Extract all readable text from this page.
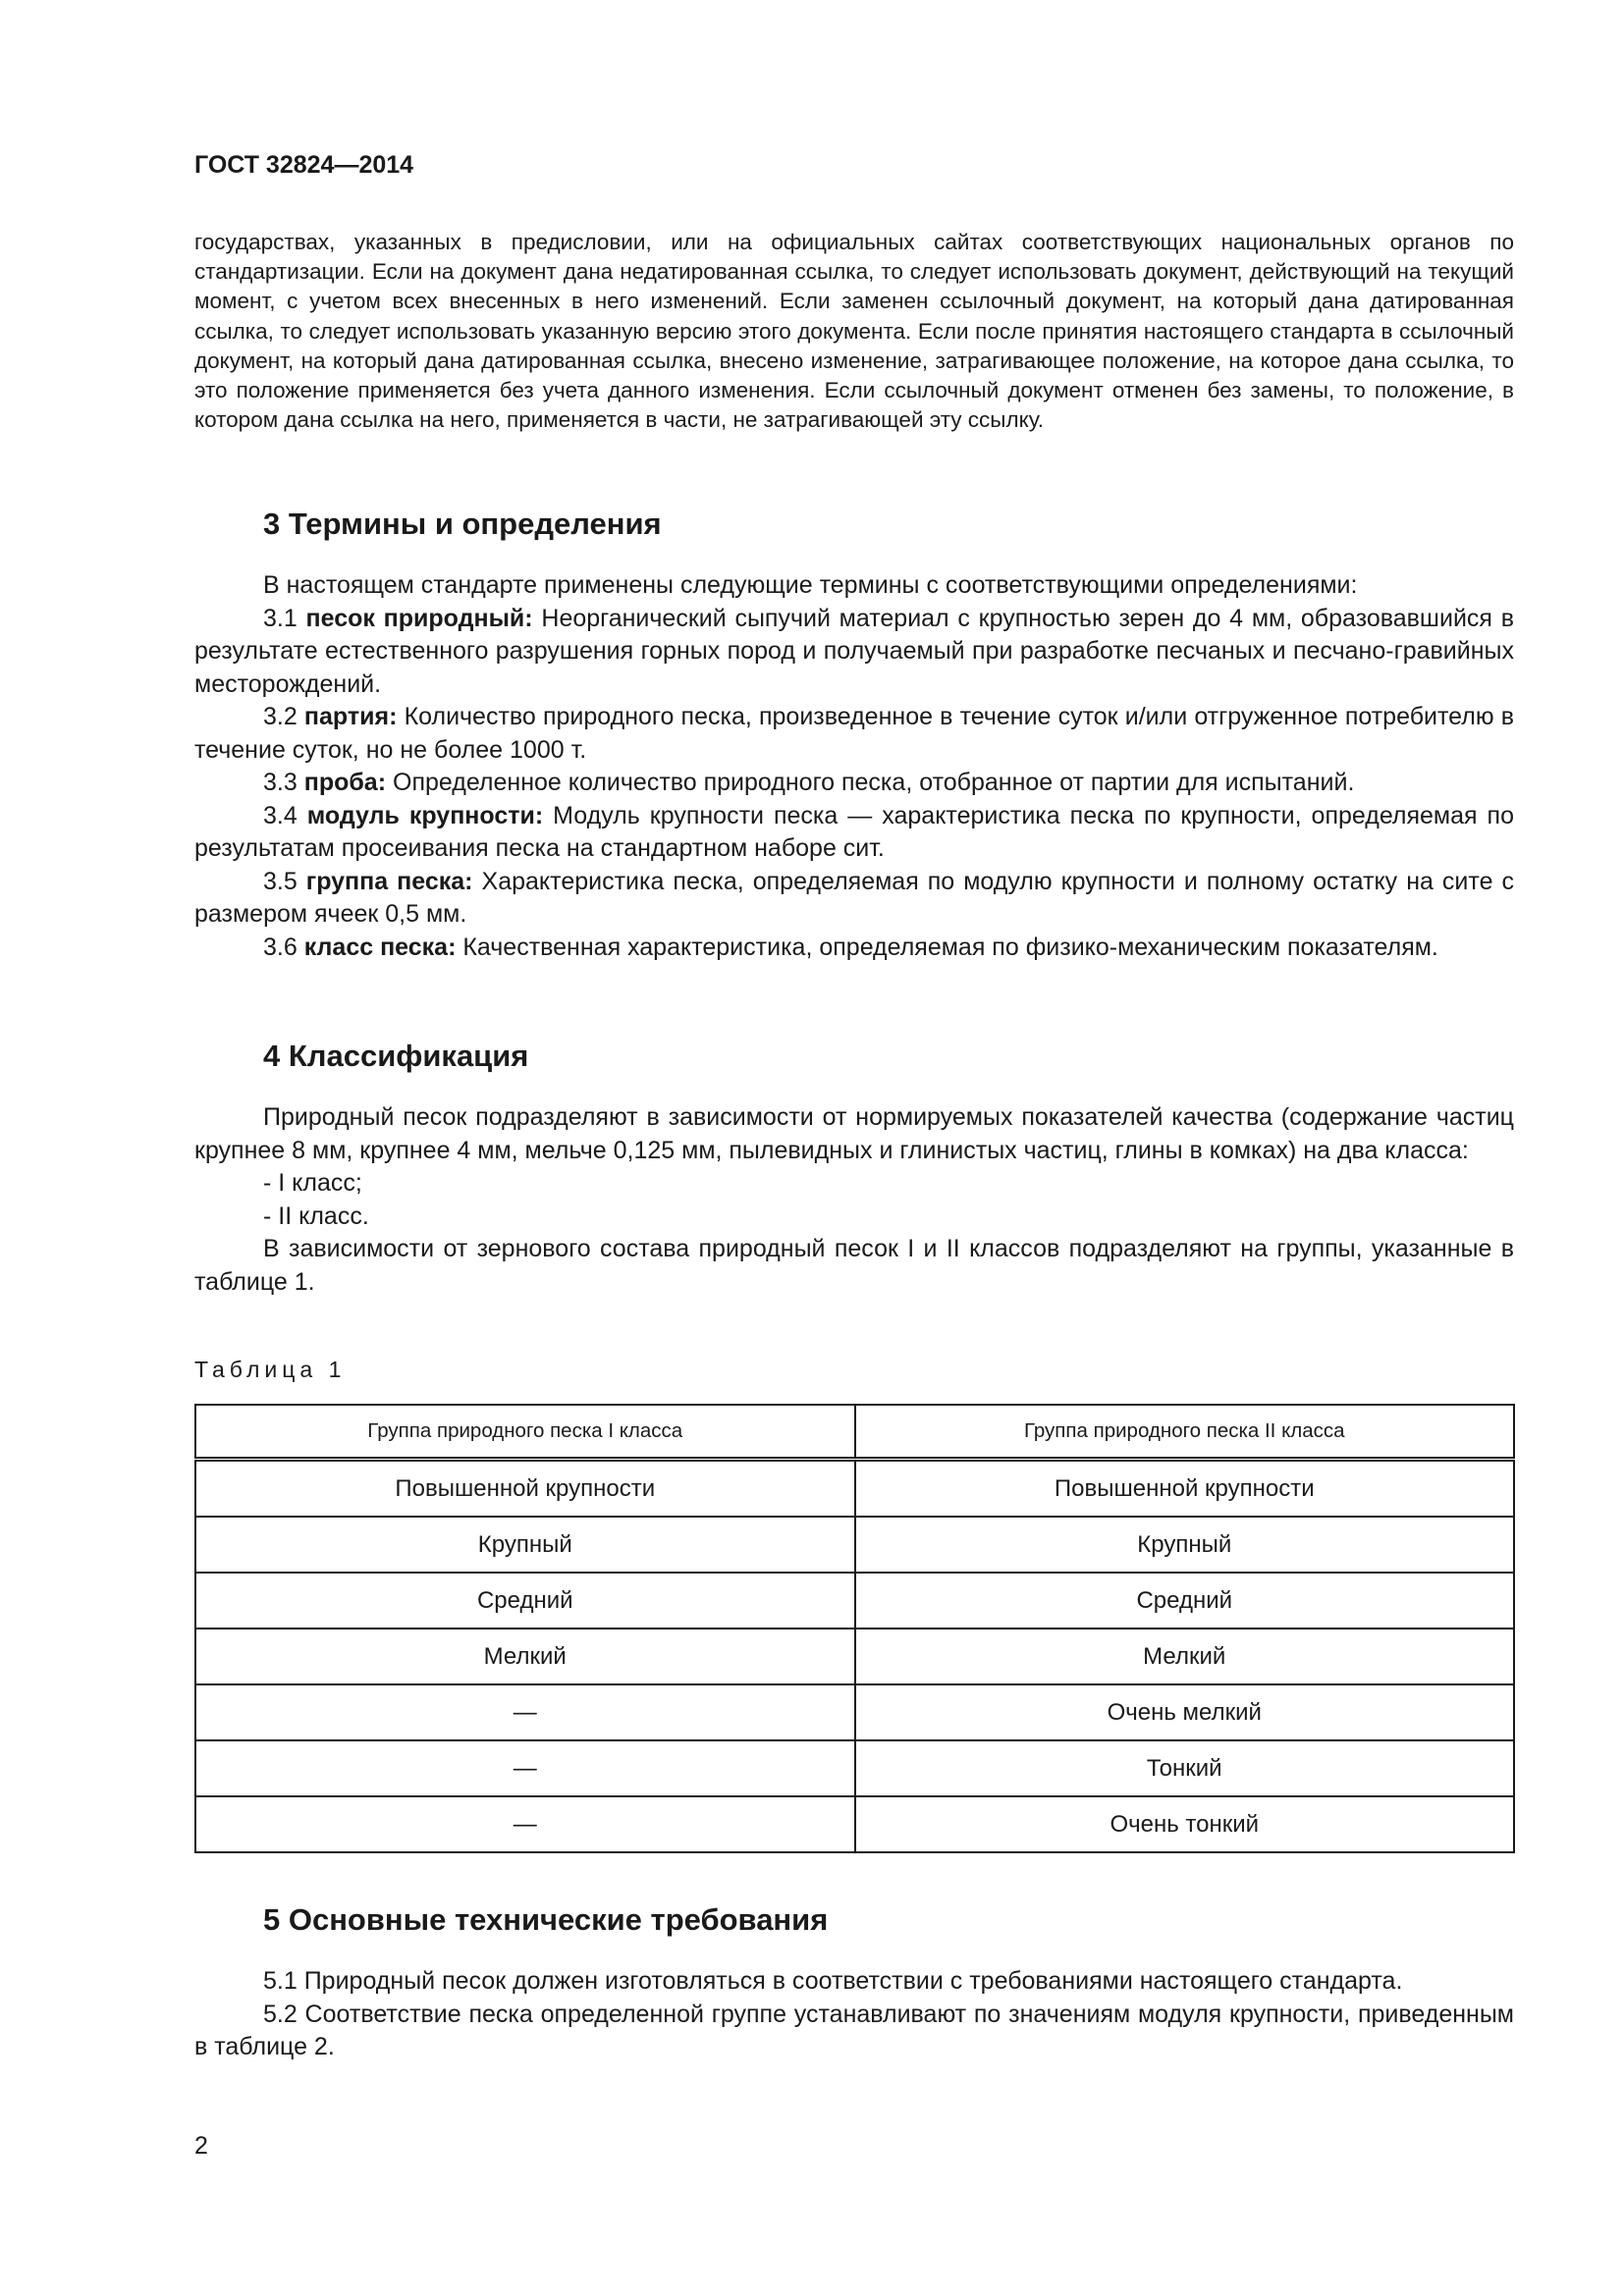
ГОСТ 32824—2014
государствах, указанных в предисловии, или на официальных сайтах соответствующих национальных органов по стандартизации. Если на документ дана недатированная ссылка, то следует использовать документ, действующий на текущий момент, с учетом всех внесенных в него изменений. Если заменен ссылочный документ, на который дана датированная ссылка, то следует использовать указанную версию этого документа. Если после принятия настоящего стандарта в ссылочный документ, на который дана датированная ссылка, внесено изменение, затрагивающее положение, на которое дана ссылка, то это положение применяется без учета данного изменения. Если ссылочный документ отменен без замены, то положение, в котором дана ссылка на него, применяется в части, не затрагивающей эту ссылку.
3 Термины и определения

В настоящем стандарте применены следующие термины с соответствующими определениями:

3.1 песок природный: Неорганический сыпучий материал с крупностью зерен до 4 мм, образовавшийся в результате естественного разрушения горных пород и получаемый при разработке песчаных и песчано-гравийных месторождений.

3.2 партия: Количество природного песка, произведенное в течение суток и/или отгруженное потребителю в течение суток, но не более 1000 т.

3.3 проба: Определенное количество природного песка, отобранное от партии для испытаний.

3.4 модуль крупности: Модуль крупности песка — характеристика песка по крупности, определяемая по результатам просеивания песка на стандартном наборе сит.

3.5 группа песка: Характеристика песка, определяемая по модулю крупности и полному остатку на сите с размером ячеек 0,5 мм.

3.6 класс песка: Качественная характеристика, определяемая по физико-механическим показателям.

4 Классификация

Природный песок подразделяют в зависимости от нормируемых показателей качества (содержание частиц крупнее 8 мм, крупнее 4 мм, мельче 0,125 мм, пылевидных и глинистых частиц, глины в комках) на два класса:

- I класс;

- II класс.

В зависимости от зернового состава природный песок I и II классов подразделяют на группы, указанные в таблице 1.

Таблица 1
Группа природного песка I класса	Группа природного песка II класса
Повышенной крупности	Повышенной крупности
Крупный	Крупный
Средний	Средний
Мелкий	Мелкий
—	Очень мелкий
—	Тонкий
—	Очень тонкий
5 Основные технические требования

5.1 Природный песок должен изготовляться в соответствии с требованиями настоящего стандарта.

5.2 Соответствие песка определенной группе устанавливают по значениям модуля крупности, приведенным в таблице 2.

2
